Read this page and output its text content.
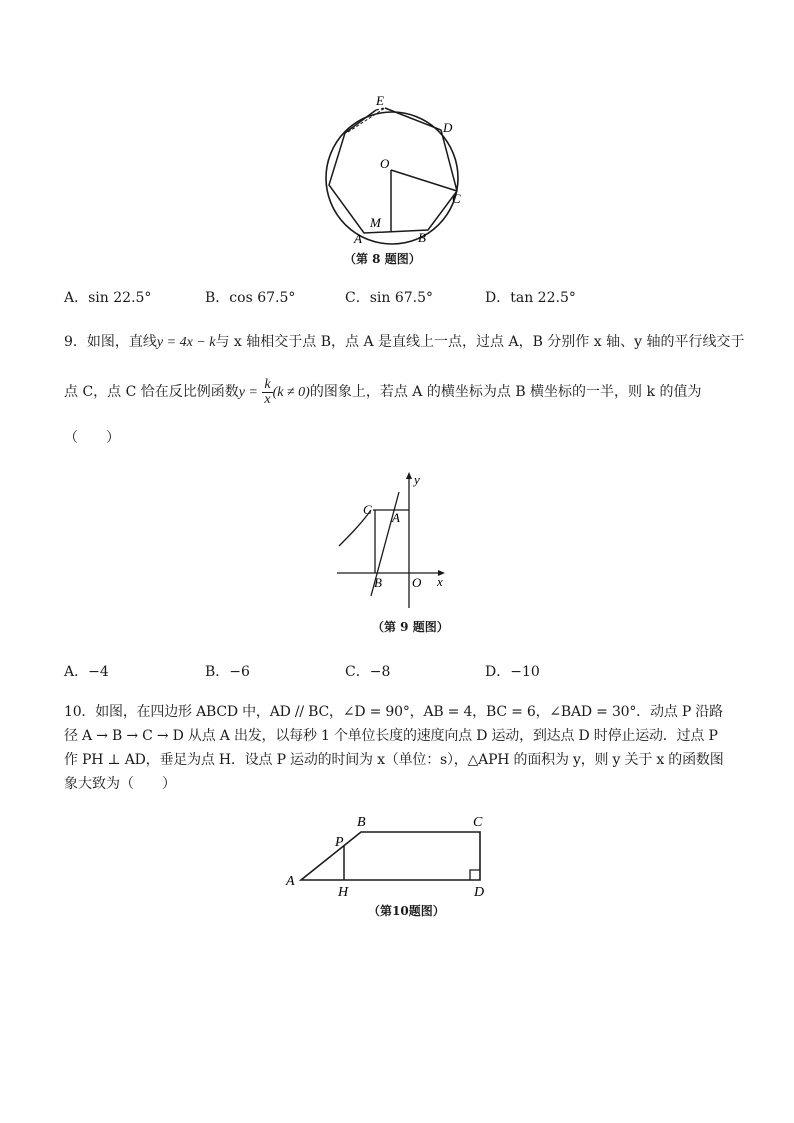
E
D
O
C
M
A	B
（第 8 题图）
A．sin 22.5°	B．cos 67.5°	C．sin 67.5°	D．tan 22.5°
9．如图，直线y = 4x − k与 x 轴相交于点 B，点 A 是直线上一点，过点 A，B 分别作 x 轴、y 轴的平行线交于
点 C，点 C 恰在反比例函数$y = \frac{k}{x} (k \ne 0)$的图象上，若点 A 的横坐标为点 B 横坐标的一半，则 k 的值为
（　　）
y
C
A
B O x
（第 9 题图）
A．−4	B．−6	C．−8	D．−10
10．如图，在四边形 ABCD 中，AD // BC，∠D = 90°，AB = 4，BC = 6，∠BAD = 30°．动点 P 沿路
径 A → B → C → D 从点 A 出发，以每秒 1 个单位长度的速度向点 D 运动，到达点 D 时停止运动．过点 P
作 PH ⊥ AD，垂足为点 H．设点 P 运动的时间为 x（单位：s），△APH 的面积为 y，则 y 关于 x 的函数图
象大致为（　　）
B	C
P
A
H	D
（第10题图）
